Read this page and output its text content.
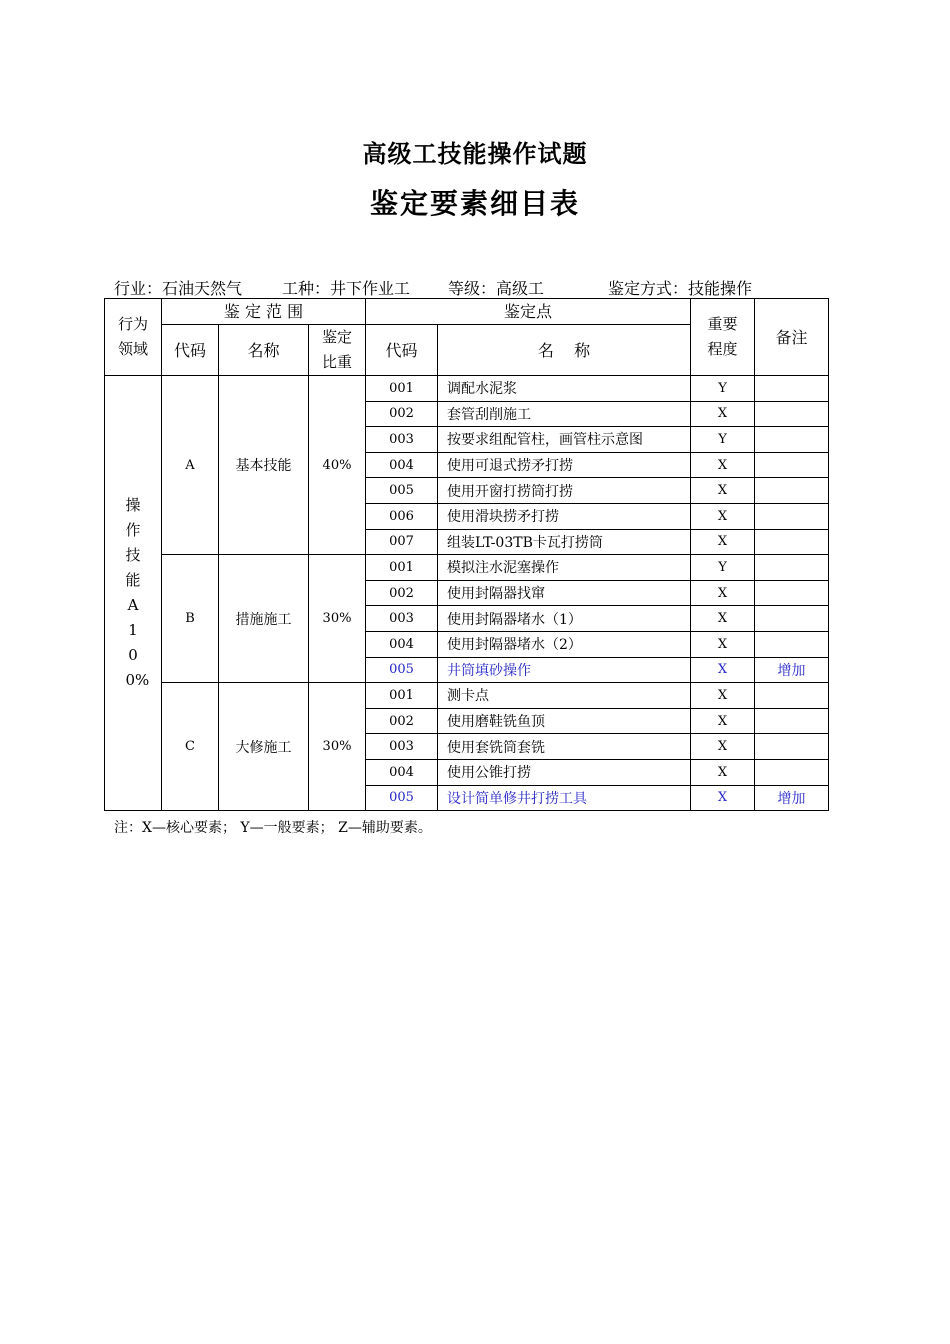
高级工技能操作试题
鉴定要素细目表
行业：石油天然气 工种：井下作业工 等级：高级工	鉴定方式：技能操作
行为领域	鉴 定 范 围			鉴定点		重要程度	备注
	代码	名称	鉴定比重	代码	名    称		

操作技能A100%	A	基本技能	40%	001	调配水泥浆	Y	
				002	套管刮削施工	X	
				003	按要求组配管柱，画管柱示意图	Y	
				004	使用可退式捞矛打捞	X	
				005	使用开窗打捞筒打捞	X	
				006	使用滑块捞矛打捞	X	
				007	组装LT-03TB卡瓦打捞筒	X	
	B	措施施工	30%	001	模拟注水泥塞操作	Y	
				002	使用封隔器找窜	X	
				003	使用封隔器堵水（1）	X	
				004	使用封隔器堵水（2）	X	
				005	井筒填砂操作	X	增加
	C	大修施工	30%	001	测卡点	X	
				002	使用磨鞋铣鱼顶	X	
				003	使用套铣筒套铣	X	
				004	使用公锥打捞	X	
				005	设计简单修井打捞工具	X	增加
注：X—核心要素； Y—一般要素； Z—辅助要素。
